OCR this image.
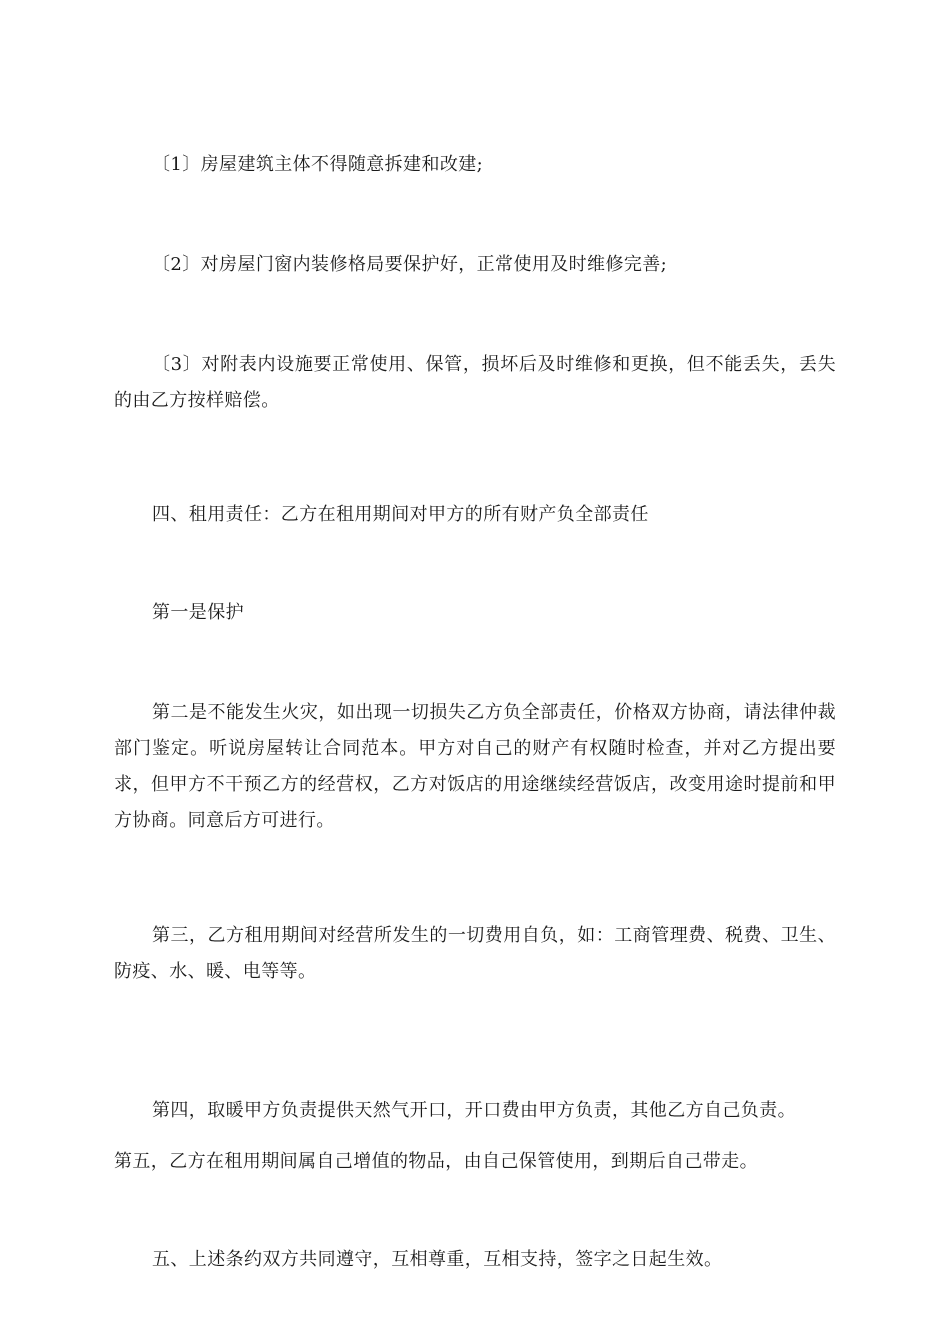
〔1〕房屋建筑主体不得随意拆建和改建;

〔2〕对房屋门窗内装修格局要保护好，正常使用及时维修完善;

〔3〕对附表内设施要正常使用、保管，损坏后及时维修和更换，但不能丢失，丢失的由乙方按样赔偿。

四、租用责任：乙方在租用期间对甲方的所有财产负全部责任

第一是保护

第二是不能发生火灾，如出现一切损失乙方负全部责任，价格双方协商，请法律仲裁部门鉴定。听说房屋转让合同范本。甲方对自己的财产有权随时检查，并对乙方提出要求，但甲方不干预乙方的经营权，乙方对饭店的用途继续经营饭店，改变用途时提前和甲方协商。同意后方可进行。

第三，乙方租用期间对经营所发生的一切费用自负，如：工商管理费、税费、卫生、防疫、水、暖、电等等。

第四，取暖甲方负责提供天然气开口，开口费由甲方负责，其他乙方自己负责。

第五，乙方在租用期间属自己增值的物品，由自己保管使用，到期后自己带走。

五、上述条约双方共同遵守，互相尊重，互相支持，签字之日起生效。
